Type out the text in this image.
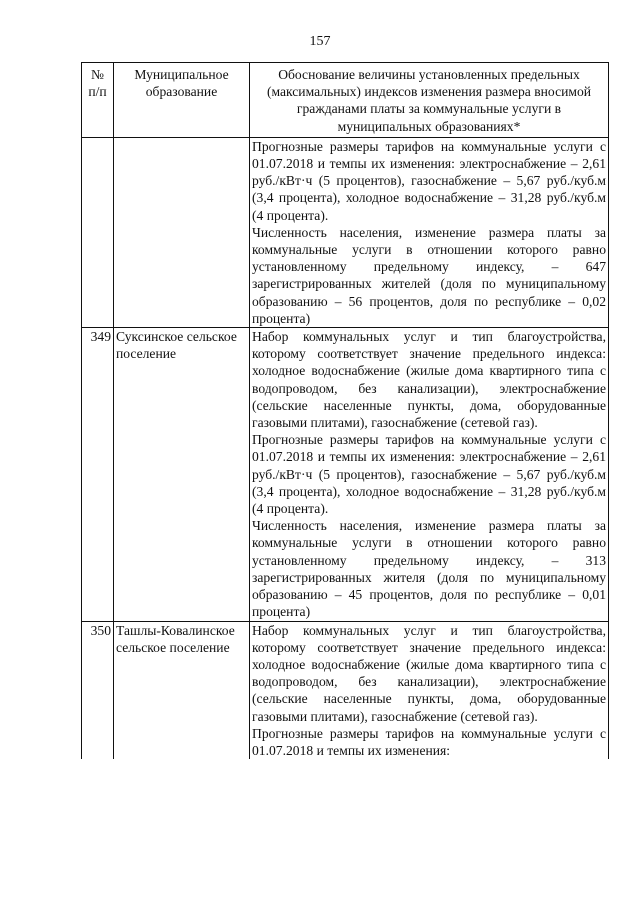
157
№ п/п	Муниципальное образование	Обоснование величины установленных предельных (максимальных) индексов изменения размера вносимой гражданами платы за коммунальные услуги в муниципальных образованиях*

		Прогнозные размеры тарифов на коммунальные услуги с 01.07.2018 и темпы их изменения: электроснабжение – 2,61 руб./кВт·ч (5 процентов), газоснабжение – 5,67 руб./куб.м (3,4 процента), холодное водоснабжение – 31,28 руб./куб.м (4 процента).

Численность населения, изменение размера платы за коммунальные услуги в отношении которого равно установленному предельному индексу, – 647 зарегистрированных жителей (доля по муниципальному образованию – 56 процентов, доля по республике – 0,02 процента)

349	Суксинское сельское поселение	Набор коммунальных услуг и тип благоустройства, которому соответствует значение предельного индекса: холодное водоснабжение (жилые дома квартирного типа с водопроводом, без канализации), электроснабжение (сельские населенные пункты, дома, оборудованные газовыми плитами), газоснабжение (сетевой газ).

Прогнозные размеры тарифов на коммунальные услуги с 01.07.2018 и темпы их изменения: электроснабжение – 2,61 руб./кВт·ч (5 процентов), газоснабжение – 5,67 руб./куб.м (3,4 процента), холодное водоснабжение – 31,28 руб./куб.м (4 процента).

Численность населения, изменение размера платы за коммунальные услуги в отношении которого равно установленному предельному индексу, – 313 зарегистрированных жителя (доля по муниципальному образованию – 45 процентов, доля по республике – 0,01 процента)

350	Ташлы-Ковалинское сельское поселение	Набор коммунальных услуг и тип благоустройства, которому соответствует значение предельного индекса: холодное водоснабжение (жилые дома квартирного типа с водопроводом, без канализации), электроснабжение (сельские населенные пункты, дома, оборудованные газовыми плитами), газоснабжение (сетевой газ).

Прогнозные размеры тарифов на коммунальные услуги с 01.07.2018 и темпы их изменения:
